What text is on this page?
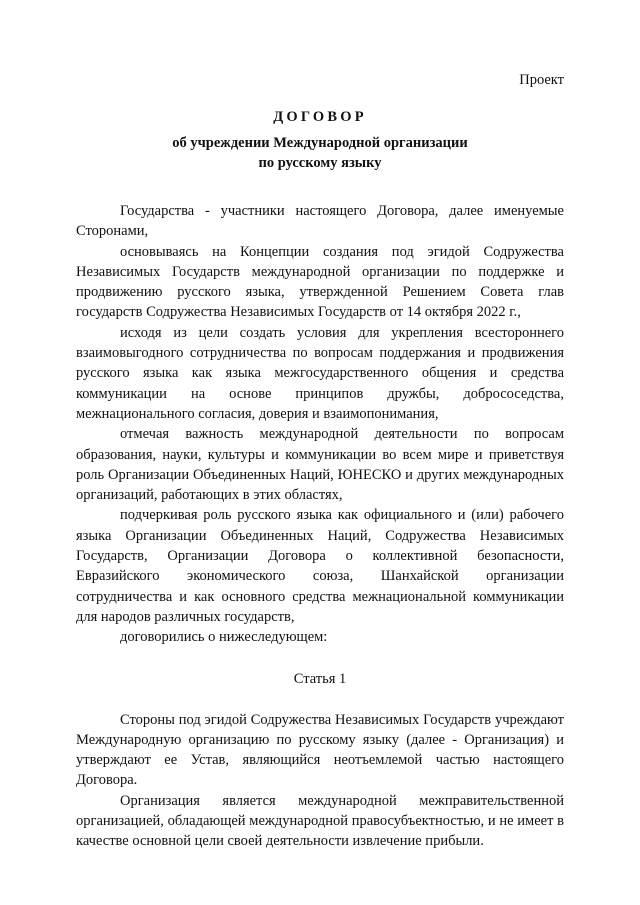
Проект

ДОГОВОР

об учреждении Международной организации
по русскому языку

Государства - участники настоящего Договора, далее именуемые Сторонами,

основываясь на Концепции создания под эгидой Содружества Независимых Государств международной организации по поддержке и продвижению русского языка, утвержденной Решением Совета глав государств Содружества Независимых Государств от 14 октября 2022 г.,

исходя из цели создать условия для укрепления всестороннего взаимовыгодного сотрудничества по вопросам поддержания и продвижения русского языка как языка межгосударственного общения и средства коммуникации на основе принципов дружбы, добрососедства, межнационального согласия, доверия и взаимопонимания,

отмечая важность международной деятельности по вопросам образования, науки, культуры и коммуникации во всем мире и приветствуя роль Организации Объединенных Наций, ЮНЕСКО и других международных организаций, работающих в этих областях,

подчеркивая роль русского языка как официального и (или) рабочего языка Организации Объединенных Наций, Содружества Независимых Государств, Организации Договора о коллективной безопасности, Евразийского экономического союза, Шанхайской организации сотрудничества и как основного средства межнациональной коммуникации для народов различных государств,

договорились о нижеследующем:

Статья 1

Стороны под эгидой Содружества Независимых Государств учреждают Международную организацию по русскому языку (далее - Организация) и утверждают ее Устав, являющийся неотъемлемой частью настоящего Договора.

Организация является международной межправительственной организацией, обладающей международной правосубъектностью, и не имеет в качестве основной цели своей деятельности извлечение прибыли.
